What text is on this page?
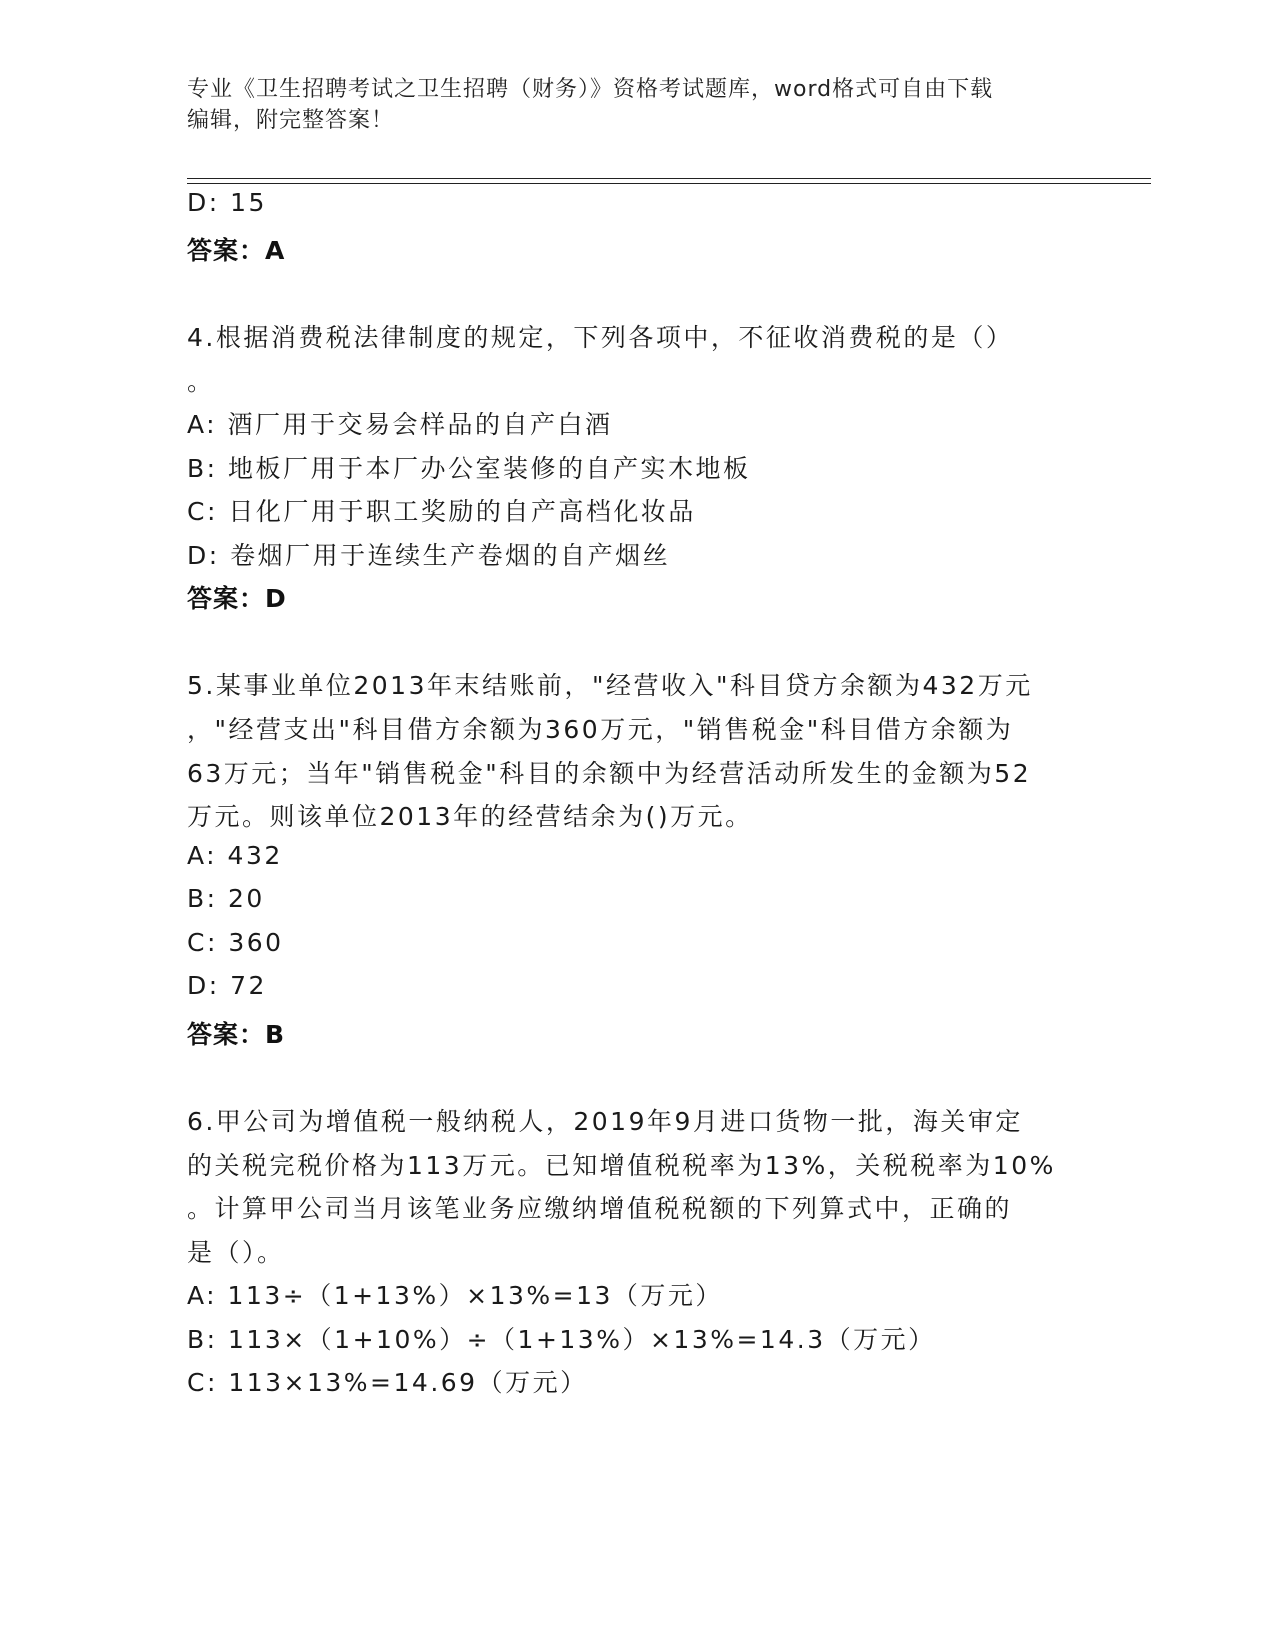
专业《卫生招聘考试之卫生招聘（财务）》资格考试题库，word格式可自由下载
编辑，附完整答案！
D: 15
答案：A
4.根据消费税法律制度的规定，下列各项中，不征收消费税的是（）
。
A: 酒厂用于交易会样品的自产白酒
B: 地板厂用于本厂办公室装修的自产实木地板
C: 日化厂用于职工奖励的自产高档化妆品
D: 卷烟厂用于连续生产卷烟的自产烟丝
答案：D
5.某事业单位2013年末结账前，"经营收入"科目贷方余额为432万元
，"经营支出"科目借方余额为360万元，"销售税金"科目借方余额为
63万元；当年"销售税金"科目的余额中为经营活动所发生的金额为52
万元。则该单位2013年的经营结余为()万元。
A: 432
B: 20
C: 360
D: 72
答案：B
6.甲公司为增值税一般纳税人，2019年9月进口货物一批，海关审定
的关税完税价格为113万元。已知增值税税率为13%，关税税率为10%
。计算甲公司当月该笔业务应缴纳增值税税额的下列算式中，正确的
是（）。
A: 113÷（1+13%）×13%=13（万元）
B: 113×（1+10%）÷（1+13%）×13%=14.3（万元）
C: 113×13%=14.69（万元）
